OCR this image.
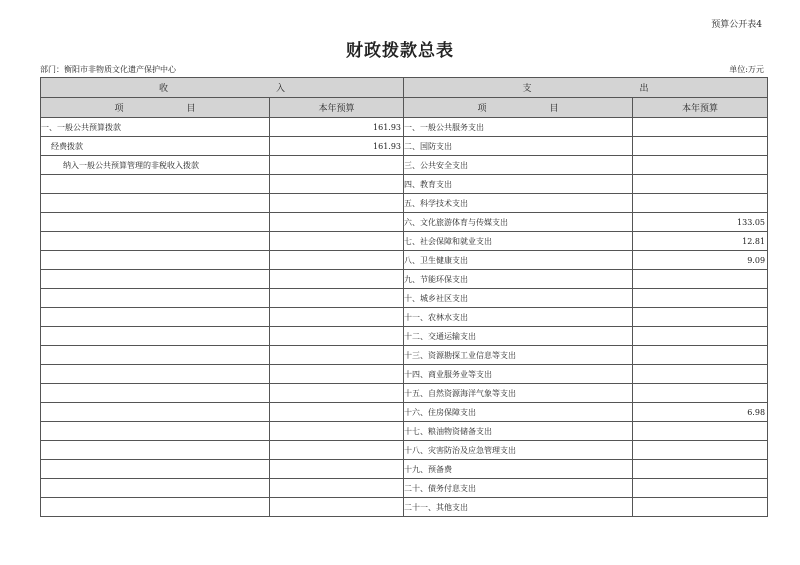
预算公开表4
财政拨款总表
部门：衡阳市非物质文化遗产保护中心	单位:万元
收　　　　　　　　　　　　入		支　　　　　　　　　　　　出	
项　　　　　　　目	本年预算	项　　　　　　　目	本年预算
一、一般公共预算拨款	161.93	一、一般公共服务支出	
经费拨款	161.93	二、国防支出	
纳入一般公共预算管理的非税收入拨款		三、公共安全支出	
		四、教育支出	
		五、科学技术支出	
		六、文化旅游体育与传媒支出	133.05
		七、社会保障和就业支出	12.81
		八、卫生健康支出	9.09
		九、节能环保支出	
		十、城乡社区支出	
		十一、农林水支出	
		十二、交通运输支出	
		十三、资源勘探工业信息等支出	
		十四、商业服务业等支出	
		十五、自然资源海洋气象等支出	
		十六、住房保障支出	6.98
		十七、粮油物资储备支出	
		十八、灾害防治及应急管理支出	
		十九、预备费	
		二十、债务付息支出	
		二十一、其他支出	
